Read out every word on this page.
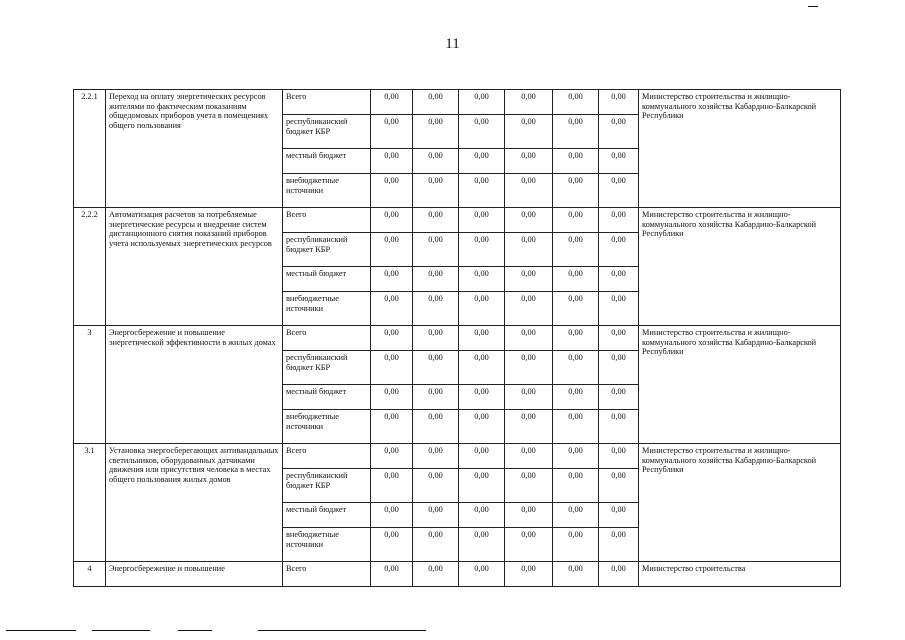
11
2.2.1	Переход на оплату энергетических ресурсов жителями по фактическим показаниям общедомовых приборов учета в помещениях общего пользования	Всего	0,00	0,00	0,00	0,00	0,00	0,00	Министерство строительства и жилищно-коммунального хозяйства Кабардино-Балкарской Республики
		республиканский бюджет КБР	0,00	0,00	0,00	0,00	0,00	0,00	
		местный бюджет	0,00	0,00	0,00	0,00	0,00	0,00	
		внебюджетные источники	0,00	0,00	0,00	0,00	0,00	0,00	
2.2.2	Автоматизация расчетов за потребляемые энергетические ресурсы и внедрение систем дистанционного снятия показаний приборов учета используемых энергетических ресурсов	Всего	0,00	0,00	0,00	0,00	0,00	0,00	Министерство строительства и жилищно-коммунального хозяйства Кабардино-Балкарской Республики
		республиканский бюджет КБР	0,00	0,00	0,00	0,00	0,00	0,00	
		местный бюджет	0,00	0,00	0,00	0,00	0,00	0,00	
		внебюджетные источники	0,00	0,00	0,00	0,00	0,00	0,00	
3	Энергосбережение и повышение энергетической эффективности в жилых домах	Всего	0,00	0,00	0,00	0,00	0,00	0,00	Министерство строительства и жилищно-коммунального хозяйства Кабардино-Балкарской Республики
		республиканский бюджет КБР	0,00	0,00	0,00	0,00	0,00	0,00	
		местный бюджет	0,00	0,00	0,00	0,00	0,00	0,00	
		внебюджетные источники	0,00	0,00	0,00	0,00	0,00	0,00	
3.1	Установка энергосберегающих антивандальных светильников, оборудованных датчиками движения или присутствия человека в местах общего пользования жилых домов	Всего	0,00	0,00	0,00	0,00	0,00	0,00	Министерство строительства и жилищно-коммунального хозяйства Кабардино-Балкарской Республики
		республиканский бюджет КБР	0,00	0,00	0,00	0,00	0,00	0,00	
		местный бюджет	0,00	0,00	0,00	0,00	0,00	0,00	
		внебюджетные источники	0,00	0,00	0,00	0,00	0,00	0,00	
4	Энергосбережение и повышение	Всего	0,00	0,00	0,00	0,00	0,00	0,00	Министерство строительства
